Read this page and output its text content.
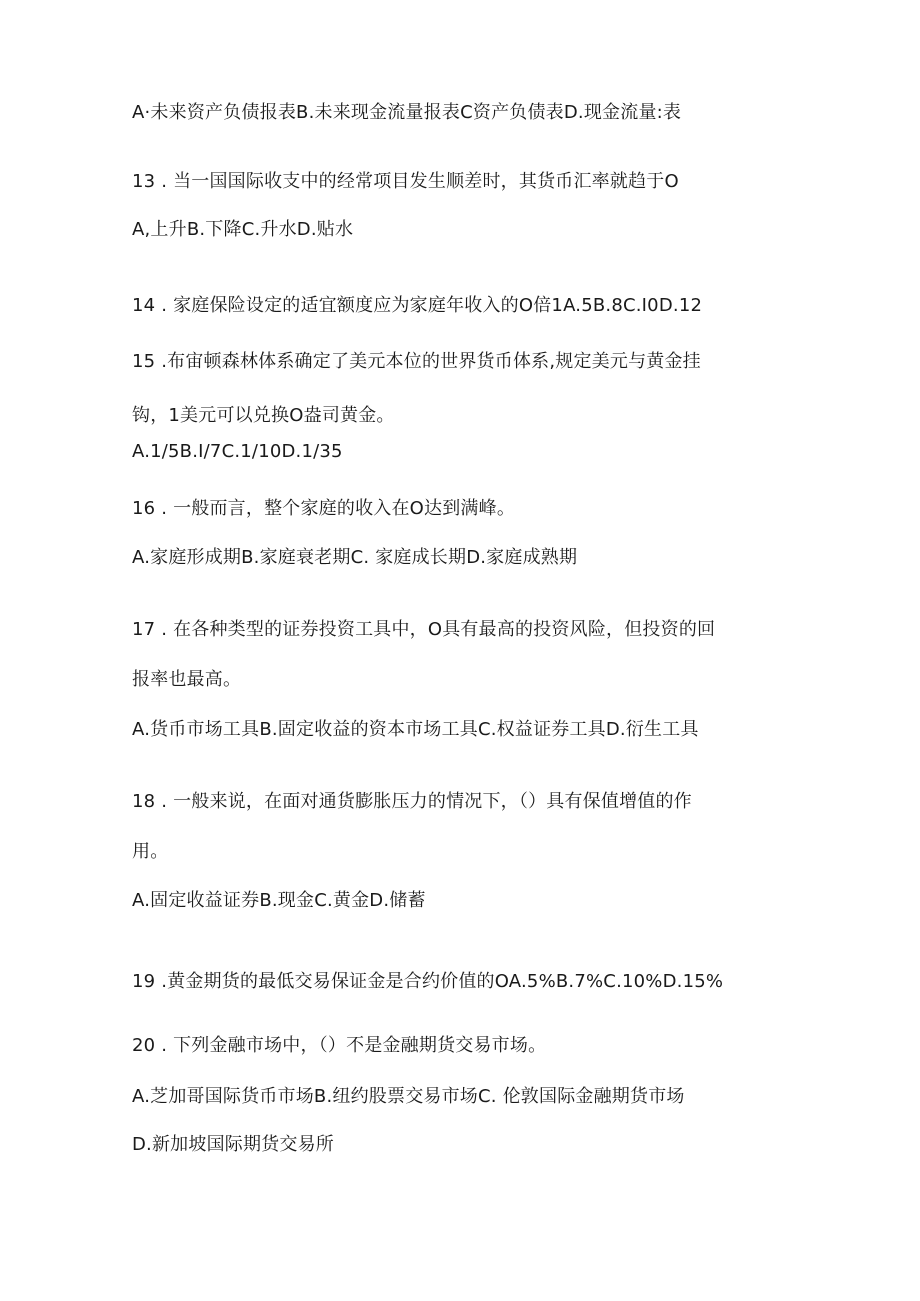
A·未来资产负债报表B.未来现金流量报表C资产负债表D.现金流量:表
13 . 当一国国际收支中的经常项目发生顺差时，其货币汇率就趋于O
A,上升B.下降C.升水D.贴水
14 . 家庭保险设定的适宜额度应为家庭年收入的O倍1A.5B.8C.I0D.12
15 .布宙顿森林体系确定了美元本位的世界货币体系,规定美元与黄金挂
钩，1美元可以兑换O盎司黄金。
A.1/5B.I/7C.1/10D.1/35
16 . 一般而言，整个家庭的收入在O达到满峰。
A.家庭形成期B.家庭衰老期C. 家庭成长期D.家庭成熟期
17 . 在各种类型的证券投资工具中，O具有最高的投资风险，但投资的回
报率也最高。
A.货币市场工具B.固定收益的资本市场工具C.权益证券工具D.衍生工具
18 . 一般来说，在面对通货膨胀压力的情况下，（）具有保值增值的作
用。
A.固定收益证券B.现金C.黄金D.储蓄
19 .黄金期货的最低交易保证金是合约价值的OA.5%B.7%C.10%D.15%
20 . 下列金融市场中，（）不是金融期货交易市场。
A.芝加哥国际货币市场B.纽约股票交易市场C. 伦敦国际金融期货市场
D.新加坡国际期货交易所
